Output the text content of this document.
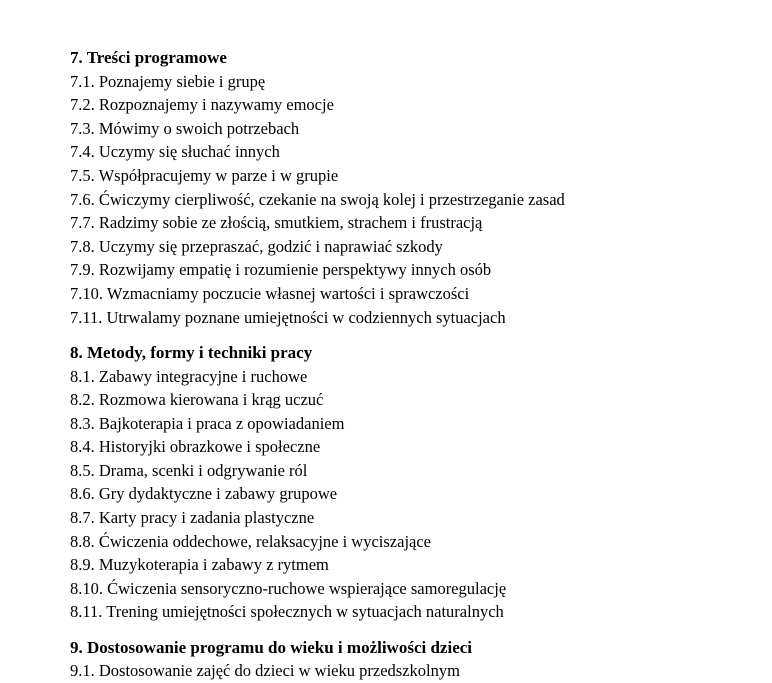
7. Treści programowe
7.1. Poznajemy siebie i grupę
7.2. Rozpoznajemy i nazywamy emocje
7.3. Mówimy o swoich potrzebach
7.4. Uczymy się słuchać innych
7.5. Współpracujemy w parze i w grupie
7.6. Ćwiczymy cierpliwość, czekanie na swoją kolej i przestrzeganie zasad
7.7. Radzimy sobie ze złością, smutkiem, strachem i frustracją
7.8. Uczymy się przepraszać, godzić i naprawiać szkody
7.9. Rozwijamy empatię i rozumienie perspektywy innych osób
7.10. Wzmacniamy poczucie własnej wartości i sprawczości
7.11. Utrwalamy poznane umiejętności w codziennych sytuacjach
8. Metody, formy i techniki pracy
8.1. Zabawy integracyjne i ruchowe
8.2. Rozmowa kierowana i krąg uczuć
8.3. Bajkoterapia i praca z opowiadaniem
8.4. Historyjki obrazkowe i społeczne
8.5. Drama, scenki i odgrywanie ról
8.6. Gry dydaktyczne i zabawy grupowe
8.7. Karty pracy i zadania plastyczne
8.8. Ćwiczenia oddechowe, relaksacyjne i wyciszające
8.9. Muzykoterapia i zabawy z rytmem
8.10. Ćwiczenia sensoryczno-ruchowe wspierające samoregulację
8.11. Trening umiejętności społecznych w sytuacjach naturalnych
9. Dostosowanie programu do wieku i możliwości dzieci
9.1. Dostosowanie zajęć do dzieci w wieku przedszkolnym
